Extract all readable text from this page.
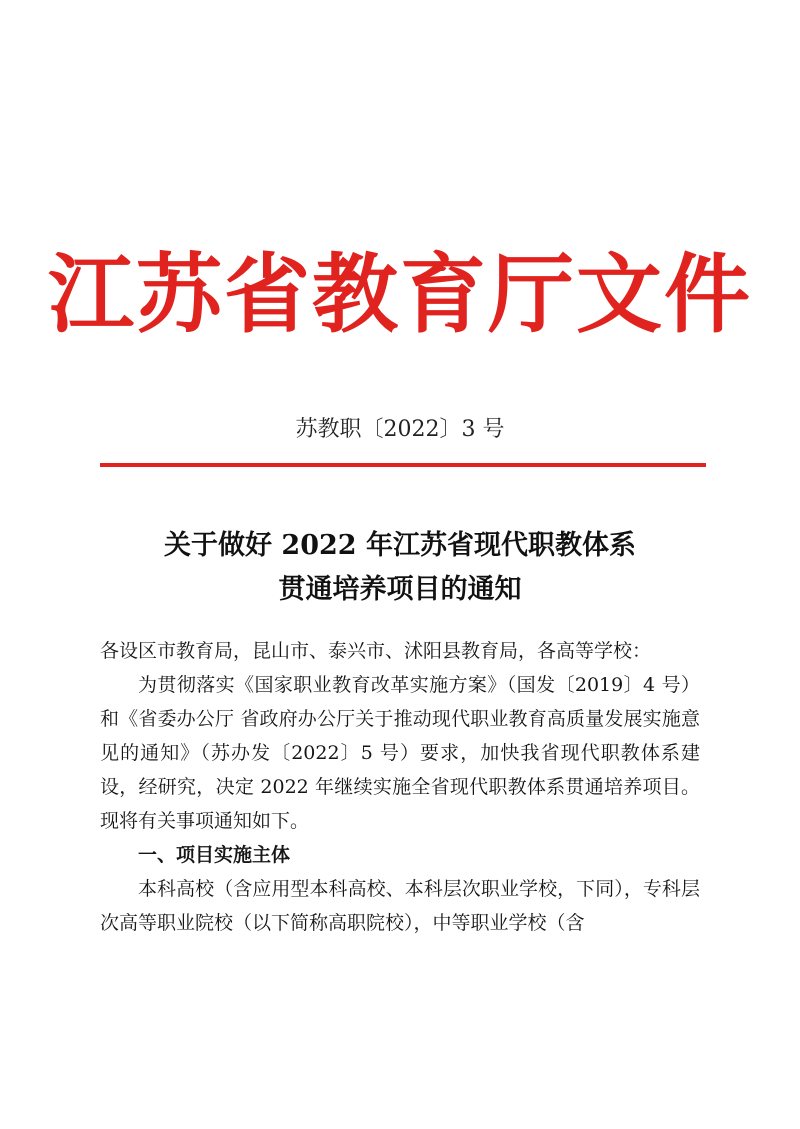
江苏省教育厅文件
苏教职〔2022〕3 号
关于做好 2022 年江苏省现代职教体系
贯通培养项目的通知

各设区市教育局，昆山市、泰兴市、沭阳县教育局，各高等学校：

为贯彻落实《国家职业教育改革实施方案》（国发〔2019〕4 号）和《省委办公厅 省政府办公厅关于推动现代职业教育高质量发展实施意见的通知》（苏办发〔2022〕5 号）要求，加快我省现代职教体系建设，经研究，决定 2022 年继续实施全省现代职教体系贯通培养项目。现将有关事项通知如下。

一、项目实施主体

本科高校（含应用型本科高校、本科层次职业学校，下同），专科层次高等职业院校（以下简称高职院校），中等职业学校（含
